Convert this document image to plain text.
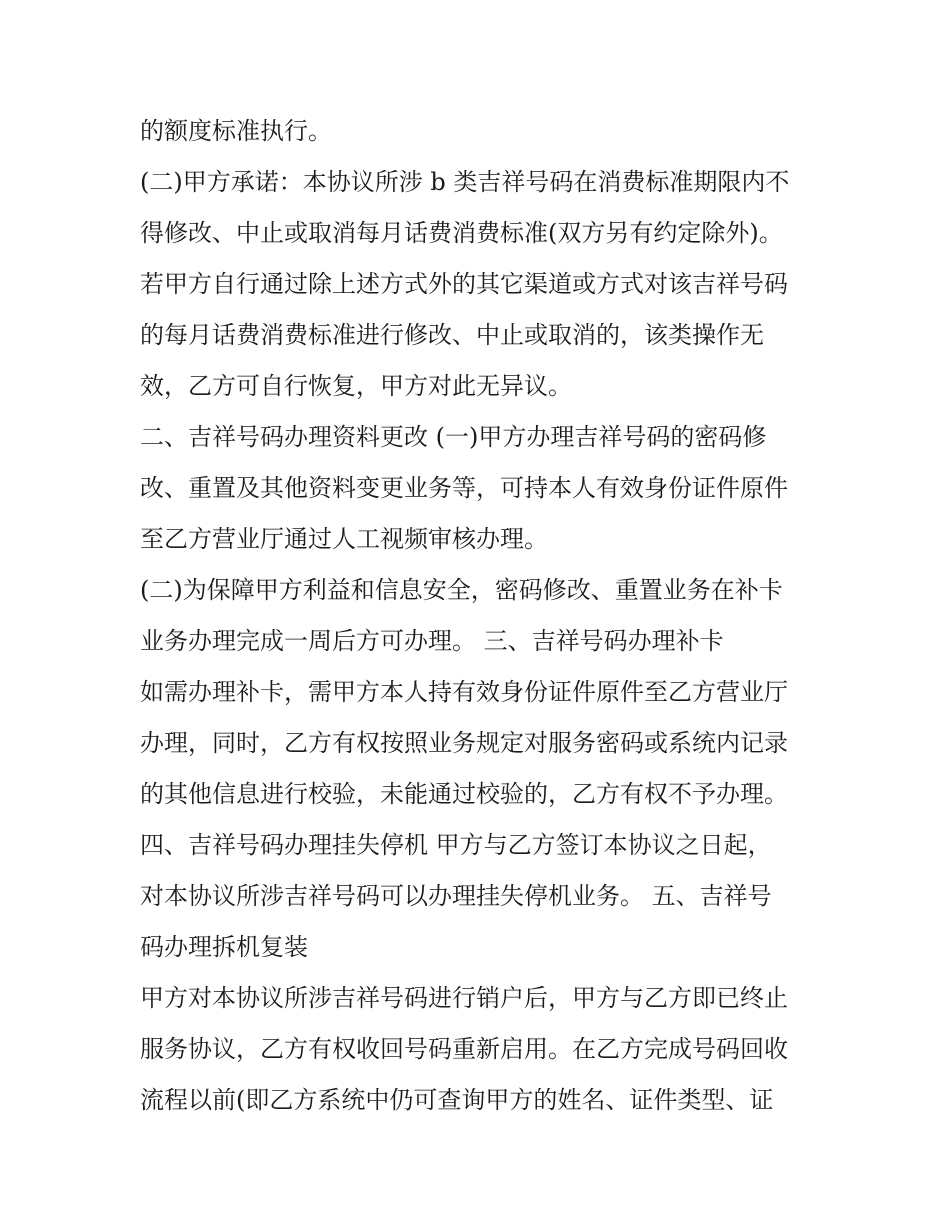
的额度标准执行。
(二)甲方承诺：本协议所涉 b 类吉祥号码在消费标准期限内不
得修改、中止或取消每月话费消费标准(双方另有约定除外)。
若甲方自行通过除上述方式外的其它渠道或方式对该吉祥号码
的每月话费消费标准进行修改、中止或取消的，该类操作无
效，乙方可自行恢复，甲方对此无异议。
二、吉祥号码办理资料更改 (一)甲方办理吉祥号码的密码修
改、重置及其他资料变更业务等，可持本人有效身份证件原件
至乙方营业厅通过人工视频审核办理。
(二)为保障甲方利益和信息安全，密码修改、重置业务在补卡
业务办理完成一周后方可办理。 三、吉祥号码办理补卡
如需办理补卡，需甲方本人持有效身份证件原件至乙方营业厅
办理，同时，乙方有权按照业务规定对服务密码或系统内记录
的其他信息进行校验，未能通过校验的，乙方有权不予办理。
四、吉祥号码办理挂失停机 甲方与乙方签订本协议之日起，
对本协议所涉吉祥号码可以办理挂失停机业务。 五、吉祥号
码办理拆机复装
甲方对本协议所涉吉祥号码进行销户后，甲方与乙方即已终止
服务协议，乙方有权收回号码重新启用。在乙方完成号码回收
流程以前(即乙方系统中仍可查询甲方的姓名、证件类型、证
